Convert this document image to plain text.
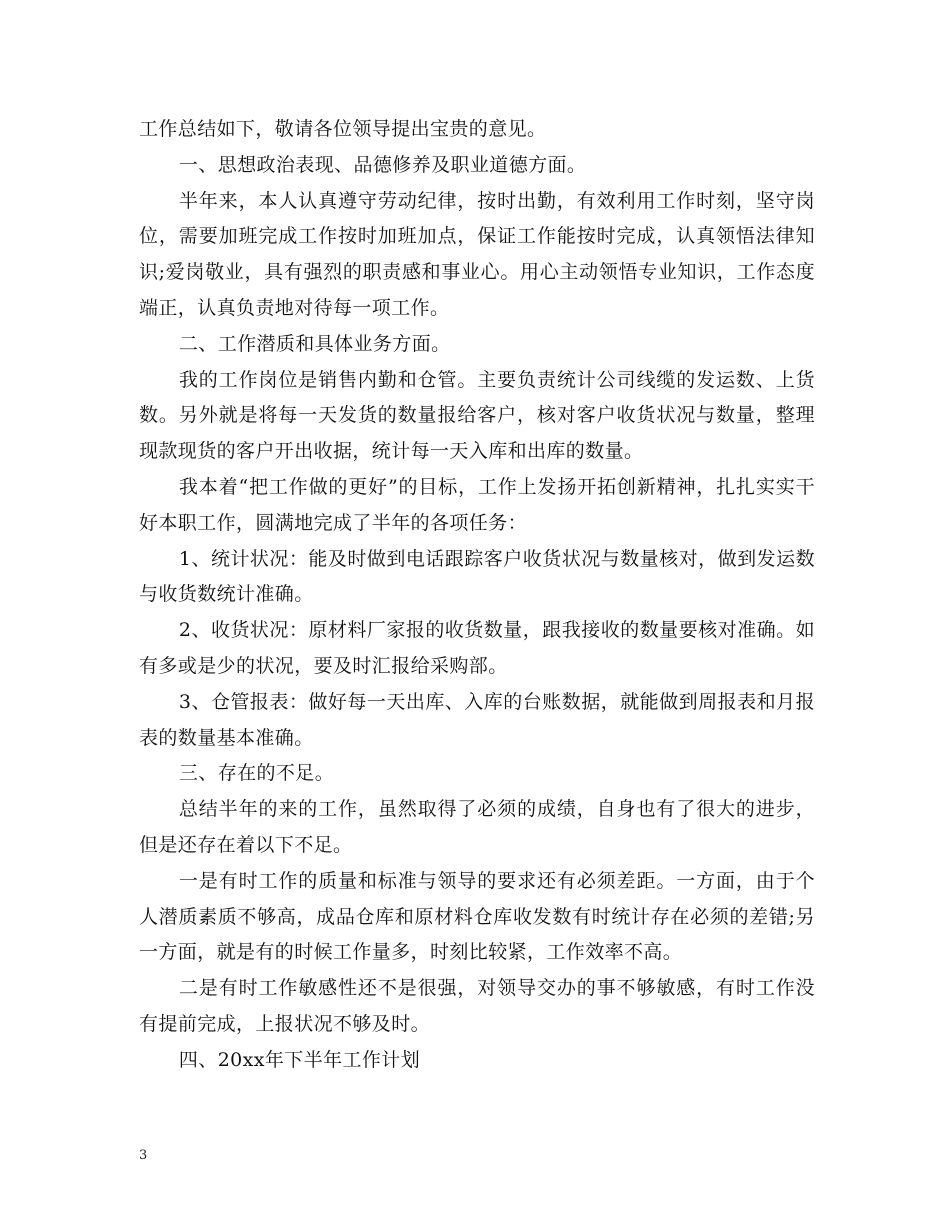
工作总结如下，敬请各位领导提出宝贵的意见。

一、思想政治表现、品德修养及职业道德方面。

半年来，本人认真遵守劳动纪律，按时出勤，有效利用工作时刻，坚守岗位，需要加班完成工作按时加班加点，保证工作能按时完成，认真领悟法律知识;爱岗敬业，具有强烈的职责感和事业心。用心主动领悟专业知识，工作态度端正，认真负责地对待每一项工作。

二、工作潜质和具体业务方面。

我的工作岗位是销售内勤和仓管。主要负责统计公司线缆的发运数、上货数。另外就是将每一天发货的数量报给客户，核对客户收货状况与数量，整理现款现货的客户开出收据，统计每一天入库和出库的数量。

我本着“把工作做的更好”的目标，工作上发扬开拓创新精神，扎扎实实干好本职工作，圆满地完成了半年的各项任务：

1、统计状况：能及时做到电话跟踪客户收货状况与数量核对，做到发运数与收货数统计准确。

2、收货状况：原材料厂家报的收货数量，跟我接收的数量要核对准确。如有多或是少的状况，要及时汇报给采购部。

3、仓管报表：做好每一天出库、入库的台账数据，就能做到周报表和月报表的数量基本准确。

三、存在的不足。

总结半年的来的工作，虽然取得了必须的成绩，自身也有了很大的进步，但是还存在着以下不足。

一是有时工作的质量和标准与领导的要求还有必须差距。一方面，由于个人潜质素质不够高，成品仓库和原材料仓库收发数有时统计存在必须的差错;另一方面，就是有的时候工作量多，时刻比较紧，工作效率不高。

二是有时工作敏感性还不是很强，对领导交办的事不够敏感，有时工作没有提前完成，上报状况不够及时。

四、20xx年下半年工作计划

3
